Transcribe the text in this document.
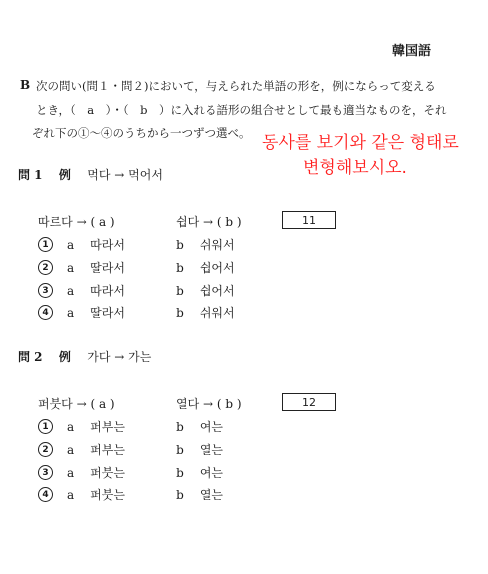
韓国語
B 次の問い(問１・問２)において，与えられた単語の形を，例にならって変える
とき，（　a　）・（　b　）に入れる語形の組合せとして最も適当なものを，それ
ぞれ下の①～④のうちから一つずつ選べ。 동사를 보기와 같은 형태로
변형해보시오.
問 1 例 먹다 → 먹어서
따르다 → ( a )	쉽다 → ( b )	11
1	a 따라서	b 쉬워서
2	a 딸라서	b 쉽어서
3	a 따라서	b 쉽어서
4	a 딸라서	b 쉬워서
問 2 例 가다 → 가는
퍼붓다 → ( a )	열다 → ( b )	12
1	a 퍼부는	b 여는
2	a 퍼부는	b 열는
3	a 퍼붓는	b 여는
4	a 퍼붓는	b 열는
